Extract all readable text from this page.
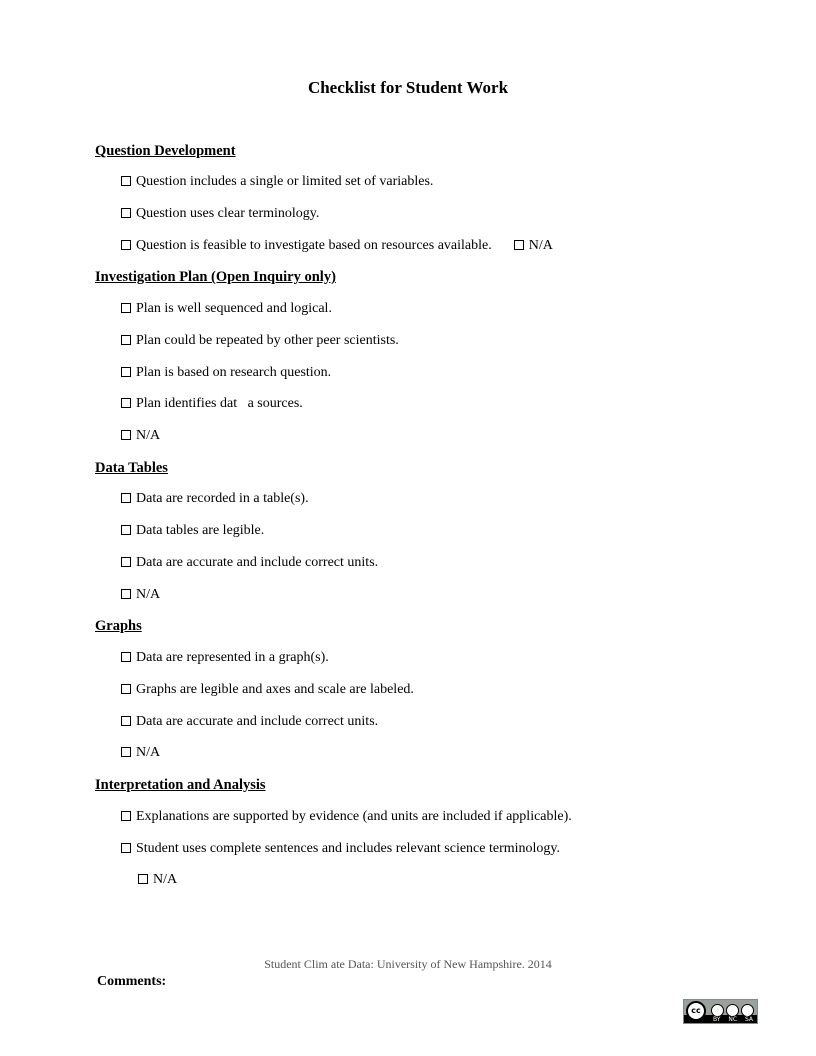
Checklist for Student Work
Question Development
Question includes a single or limited set of variables.
Question uses clear terminology.
Question is feasible to investigate based on resources available.	N/A
Investigation Plan (Open Inquiry only)
Plan is well sequenced and logical.
Plan could be repeated by other peer scientists.
Plan is based on research question.
Plan identifies dat   a sources.
N/A
Data Tables
Data are recorded in a table(s).
Data tables are legible.
Data are accurate and include correct units.
N/A
Graphs
Data are represented in a graph(s).
Graphs are legible and axes and scale are labeled.
Data are accurate and include correct units.
N/A
Interpretation and Analysis
Explanations are supported by evidence (and units are included if applicable).
Student uses complete sentences and includes relevant science terminology.
N/A
Student Clim ate Data: University of New Hampshire. 2014
Comments:
cc
BY NC SA
